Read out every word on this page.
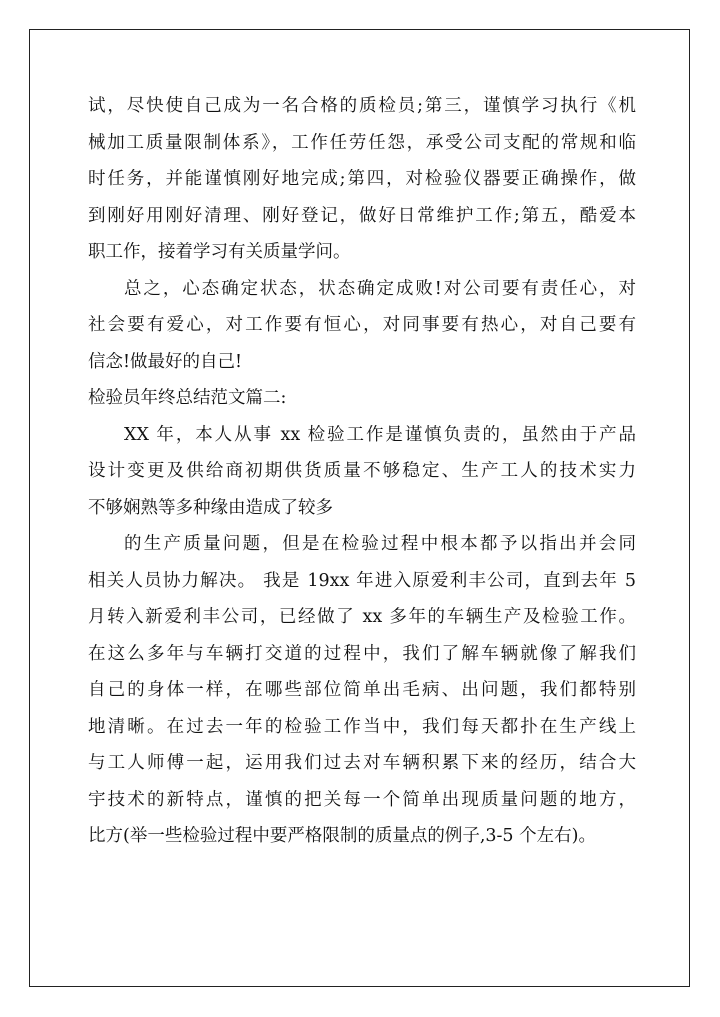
试，尽快使自己成为一名合格的质检员;第三，谨慎学习执行《机
械加工质量限制体系》，工作任劳任怨，承受公司支配的常规和临
时任务，并能谨慎刚好地完成;第四，对检验仪器要正确操作，做
到刚好用刚好清理、刚好登记，做好日常维护工作;第五，酷爱本
职工作，接着学习有关质量学问。
总之，心态确定状态，状态确定成败!对公司要有责任心，对
社会要有爱心，对工作要有恒心，对同事要有热心，对自己要有
信念!做最好的自己!
检验员年终总结范文篇二:
XX 年，本人从事 xx 检验工作是谨慎负责的，虽然由于产品
设计变更及供给商初期供货质量不够稳定、生产工人的技术实力
不够娴熟等多种缘由造成了较多
的生产质量问题，但是在检验过程中根本都予以指出并会同
相关人员协力解决。 我是 19xx 年进入原爱利丰公司，直到去年 5
月转入新爱利丰公司，已经做了 xx 多年的车辆生产及检验工作。
在这么多年与车辆打交道的过程中，我们了解车辆就像了解我们
自己的身体一样，在哪些部位简单出毛病、出问题，我们都特别
地清晰。在过去一年的检验工作当中，我们每天都扑在生产线上
与工人师傅一起，运用我们过去对车辆积累下来的经历，结合大
宇技术的新特点，谨慎的把关每一个简单出现质量问题的地方，
比方(举一些检验过程中要严格限制的质量点的例子,3-5 个左右)。
